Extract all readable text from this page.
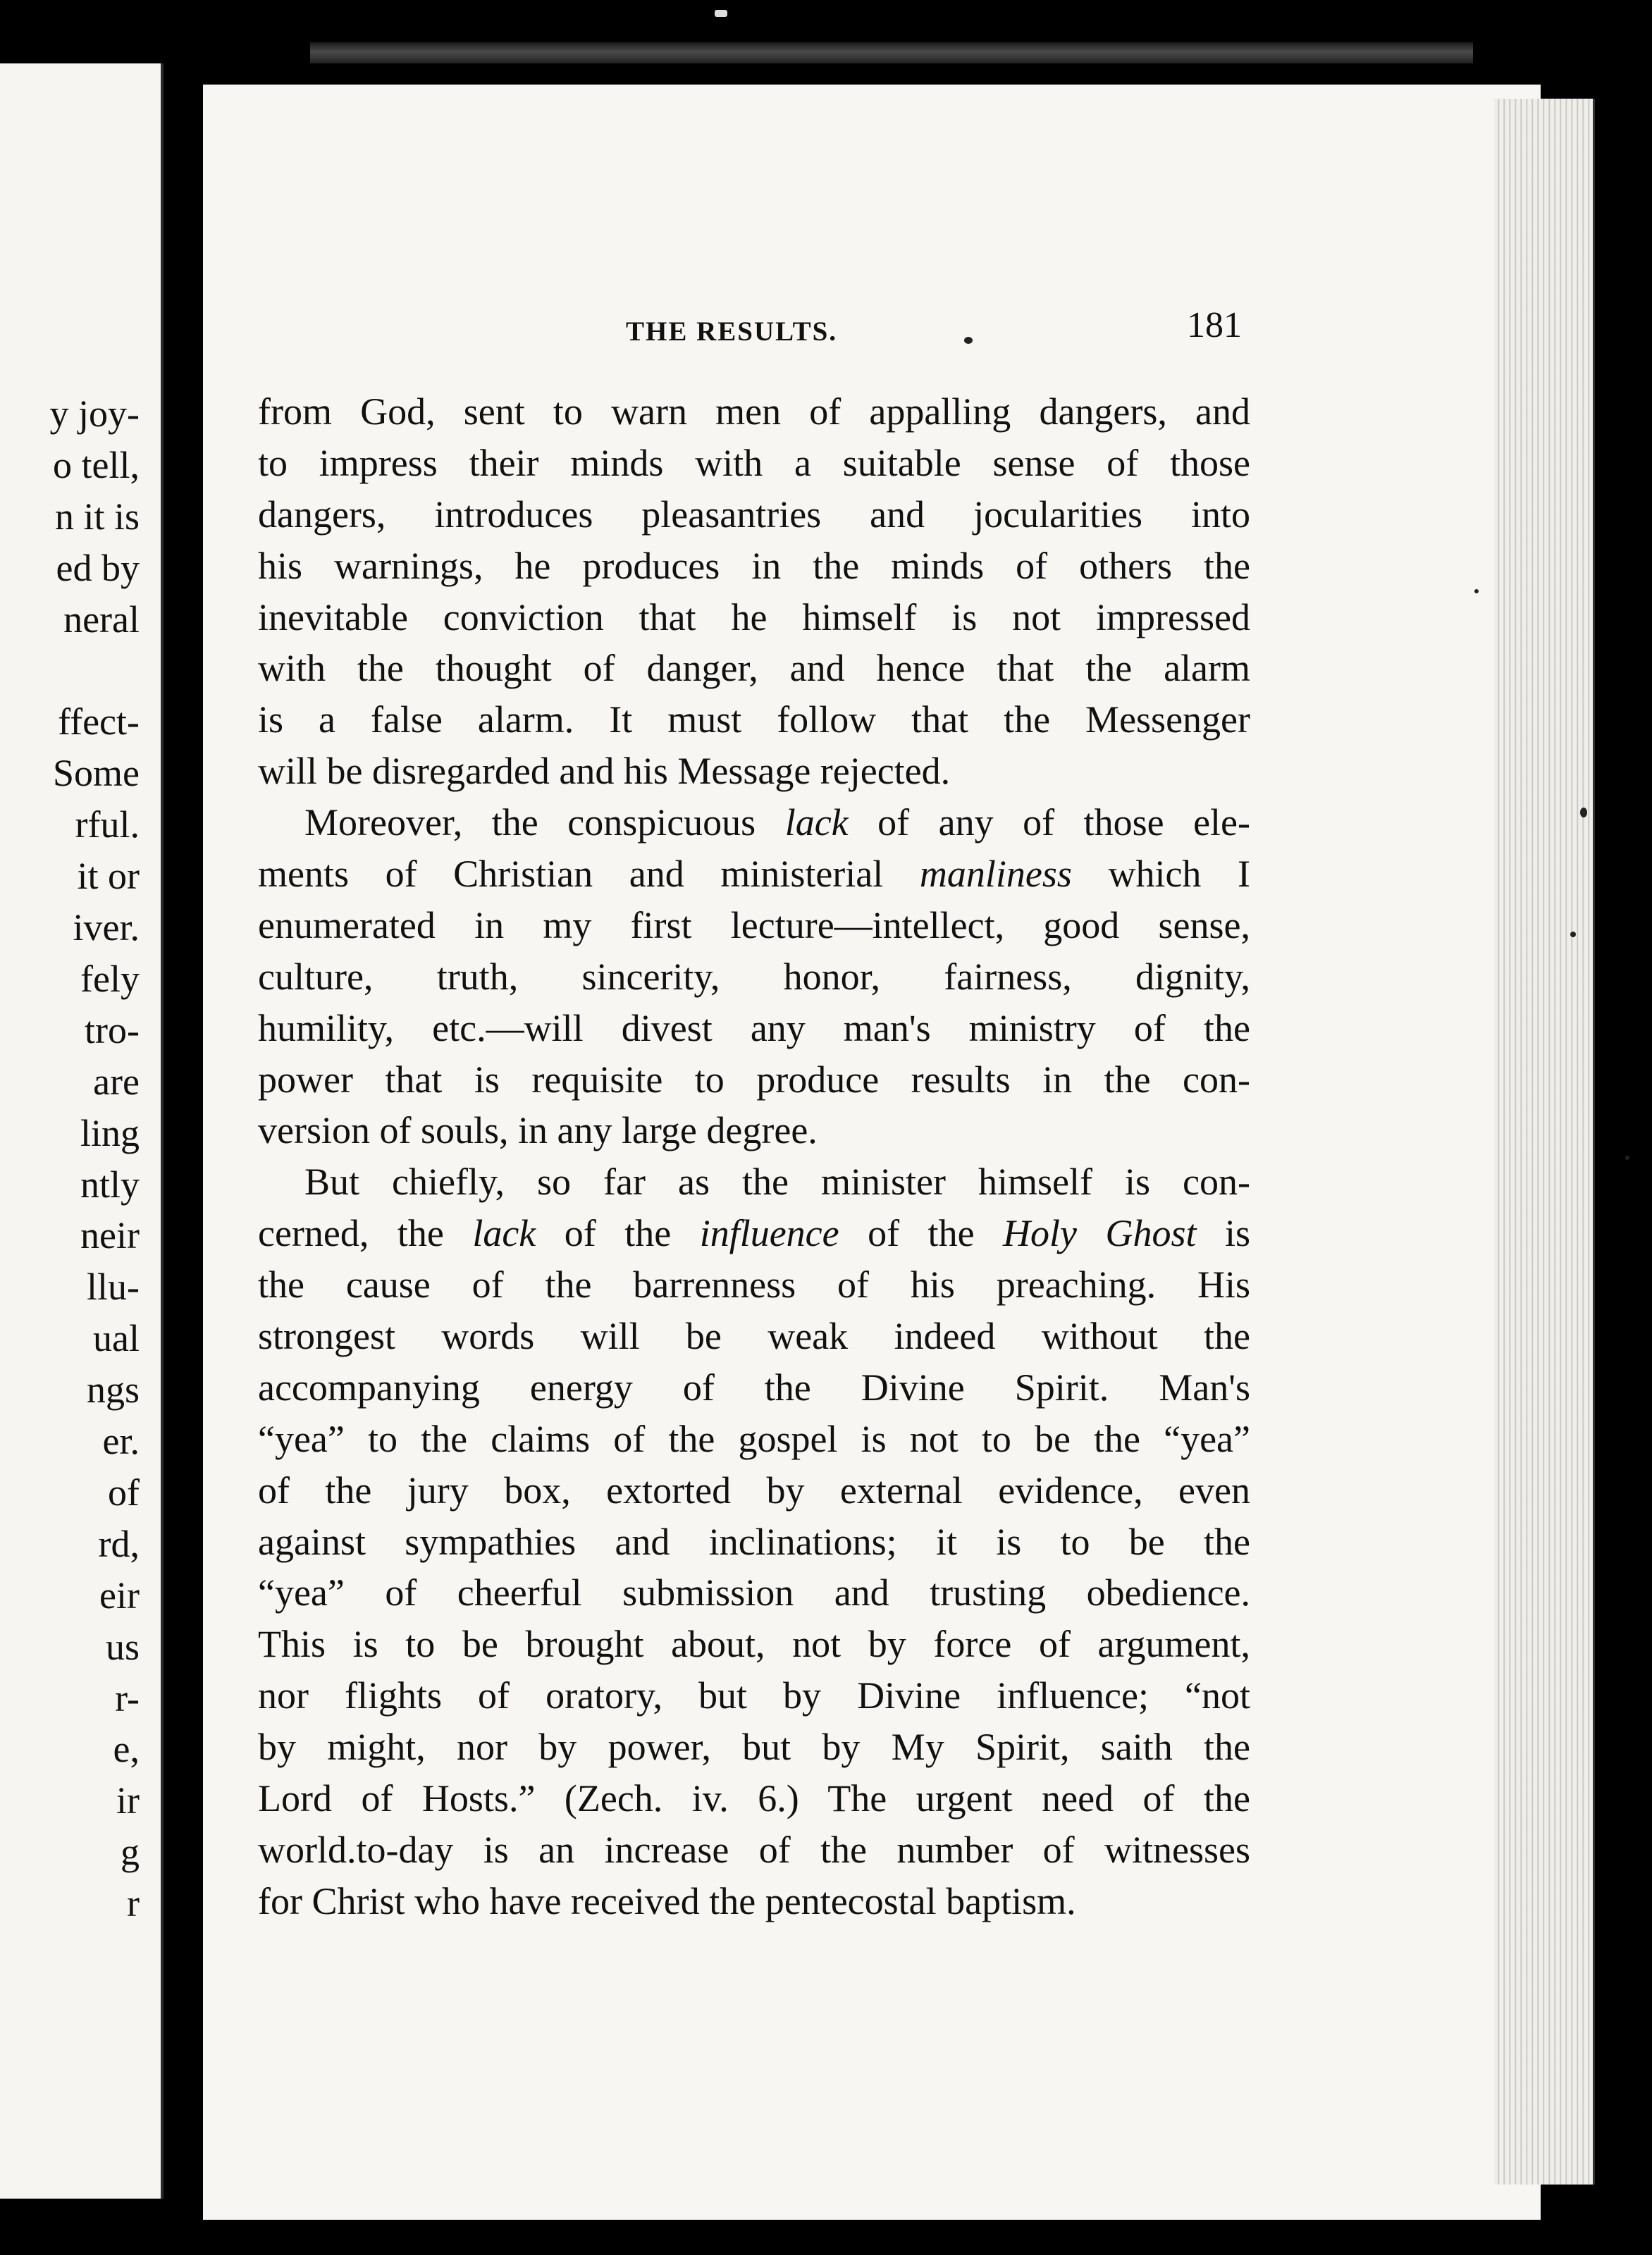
y joy-
o tell,
n it is
ed by
neral
ffect-
Some
rful.
it or
iver.
fely
tro-
are
ling
ntly
neir
llu-
ual
ngs
er.
of
rd,
eir
us
r-
e,
ir
g
r
THE RESULTS.	181
from God, sent to warn men of appalling dangers, and
to impress their minds with a suitable sense of those
dangers, introduces pleasantries and jocularities into
his warnings, he produces in the minds of others the
inevitable conviction that he himself is not impressed
with the thought of danger, and hence that the alarm
is a false alarm. It must follow that the Messenger
will be disregarded and his Message rejected.
Moreover, the conspicuous lack of any of those ele-
ments of Christian and ministerial manliness which I
enumerated in my first lecture—intellect, good sense,
culture, truth, sincerity, honor, fairness, dignity,
humility, etc.—will divest any man's ministry of the
power that is requisite to produce results in the con-
version of souls, in any large degree.
But chiefly, so far as the minister himself is con-
cerned, the lack of the influence of the Holy Ghost is
the cause of the barrenness of his preaching. His
strongest words will be weak indeed without the
accompanying energy of the Divine Spirit. Man's
“yea” to the claims of the gospel is not to be the “yea”
of the jury box, extorted by external evidence, even
against sympathies and inclinations; it is to be the
“yea” of cheerful submission and trusting obedience.
This is to be brought about, not by force of argument,
nor flights of oratory, but by Divine influence; “not
by might, nor by power, but by My Spirit, saith the
Lord of Hosts.” (Zech. iv. 6.) The urgent need of the
world.to-day is an increase of the number of witnesses
for Christ who have received the pentecostal baptism.
